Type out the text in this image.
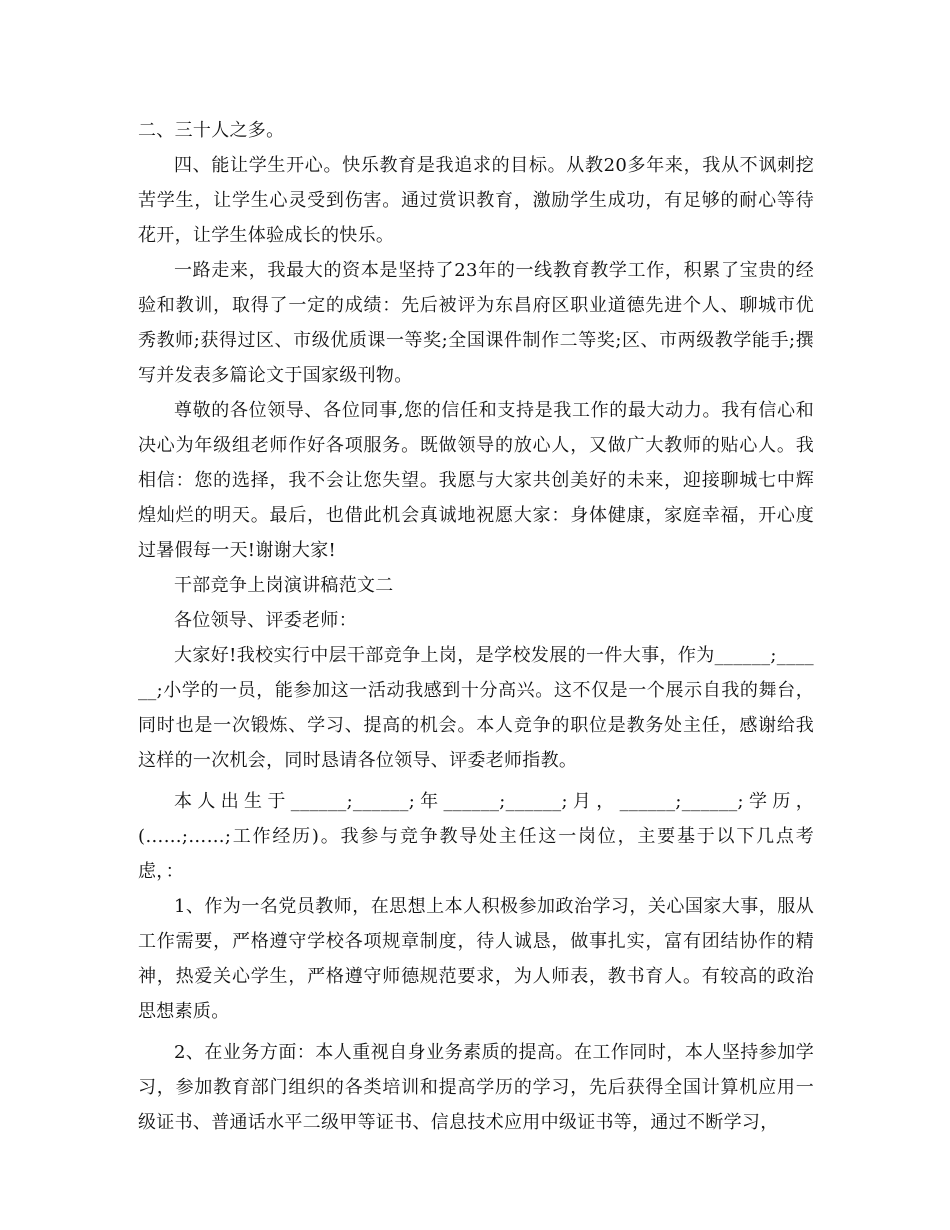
二、三十人之多。

四、能让学生开心。快乐教育是我追求的目标。从教20多年来，我从不讽刺挖苦学生，让学生心灵受到伤害。通过赏识教育，激励学生成功，有足够的耐心等待花开，让学生体验成长的快乐。

一路走来，我最大的资本是坚持了23年的一线教育教学工作，积累了宝贵的经验和教训，取得了一定的成绩：先后被评为东昌府区职业道德先进个人、聊城市优秀教师;获得过区、市级优质课一等奖;全国课件制作二等奖;区、市两级教学能手;撰写并发表多篇论文于国家级刊物。

尊敬的各位领导、各位同事,您的信任和支持是我工作的最大动力。我有信心和决心为年级组老师作好各项服务。既做领导的放心人，又做广大教师的贴心人。我相信：您的选择，我不会让您失望。我愿与大家共创美好的未来，迎接聊城七中辉煌灿烂的明天。最后，也借此机会真诚地祝愿大家：身体健康，家庭幸福，开心度过暑假每一天!谢谢大家!

干部竞争上岗演讲稿范文二

各位领导、评委老师：

大家好!我校实行中层干部竞争上岗，是学校发展的一件大事，作为______;______;小学的一员，能参加这一活动我感到十分高兴。这不仅是一个展示自我的舞台，同时也是一次锻炼、学习、提高的机会。本人竞争的职位是教务处主任，感谢给我这样的一次机会，同时恳请各位领导、评委老师指教。

本人出生于______;______;年______;______;月，______;______;学历，(……;……;工作经历)。我参与竞争教导处主任这一岗位，主要基于以下几点考虑，：

1、作为一名党员教师，在思想上本人积极参加政治学习，关心国家大事，服从工作需要，严格遵守学校各项规章制度，待人诚恳，做事扎实，富有团结协作的精神，热爱关心学生，严格遵守师德规范要求，为人师表，教书育人。有较高的政治思想素质。

2、在业务方面：本人重视自身业务素质的提高。在工作同时，本人坚持参加学习，参加教育部门组织的各类培训和提高学历的学习，先后获得全国计算机应用一级证书、普通话水平二级甲等证书、信息技术应用中级证书等，通过不断学习，
